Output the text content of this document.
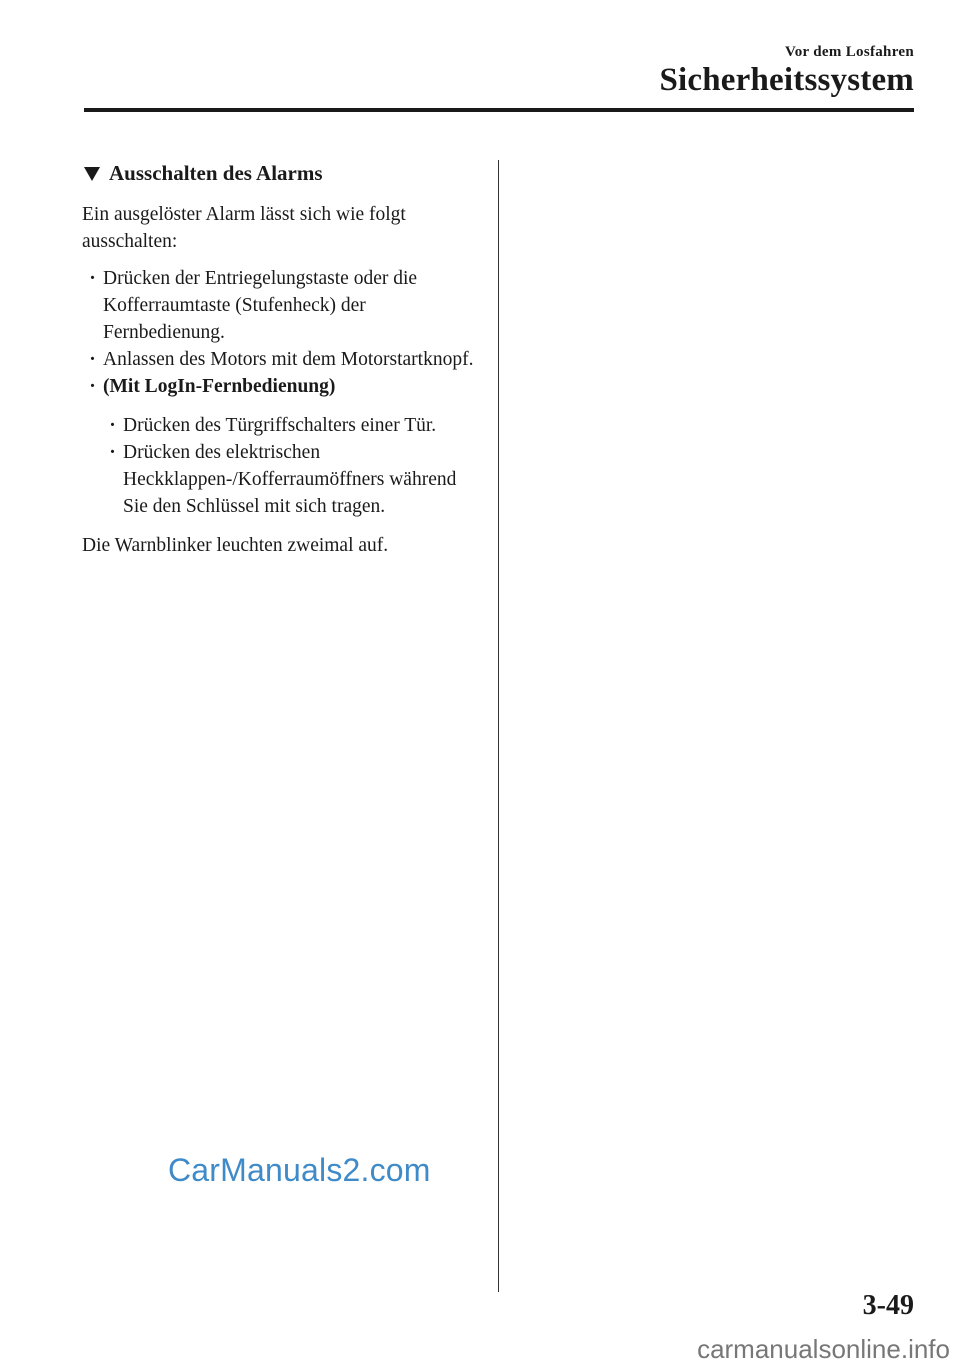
Vor dem Losfahren
Sicherheitssystem
Ausschalten des Alarms

Ein ausgelöster Alarm lässt sich wie folgt ausschalten:

· Drücken der Entriegelungstaste oder die Kofferraumtaste (Stufenheck) der Fernbedienung.
· Anlassen des Motors mit dem Motorstartknopf.
· (Mit LogIn-Fernbedienung)
· Drücken des Türgriffschalters einer Tür.
· Drücken des elektrischen Heckklappen-/Kofferraumöffners während Sie den Schlüssel mit sich tragen.

Die Warnblinker leuchten zweimal auf.

CarManuals2.com
3-49
carmanualsonline.info
